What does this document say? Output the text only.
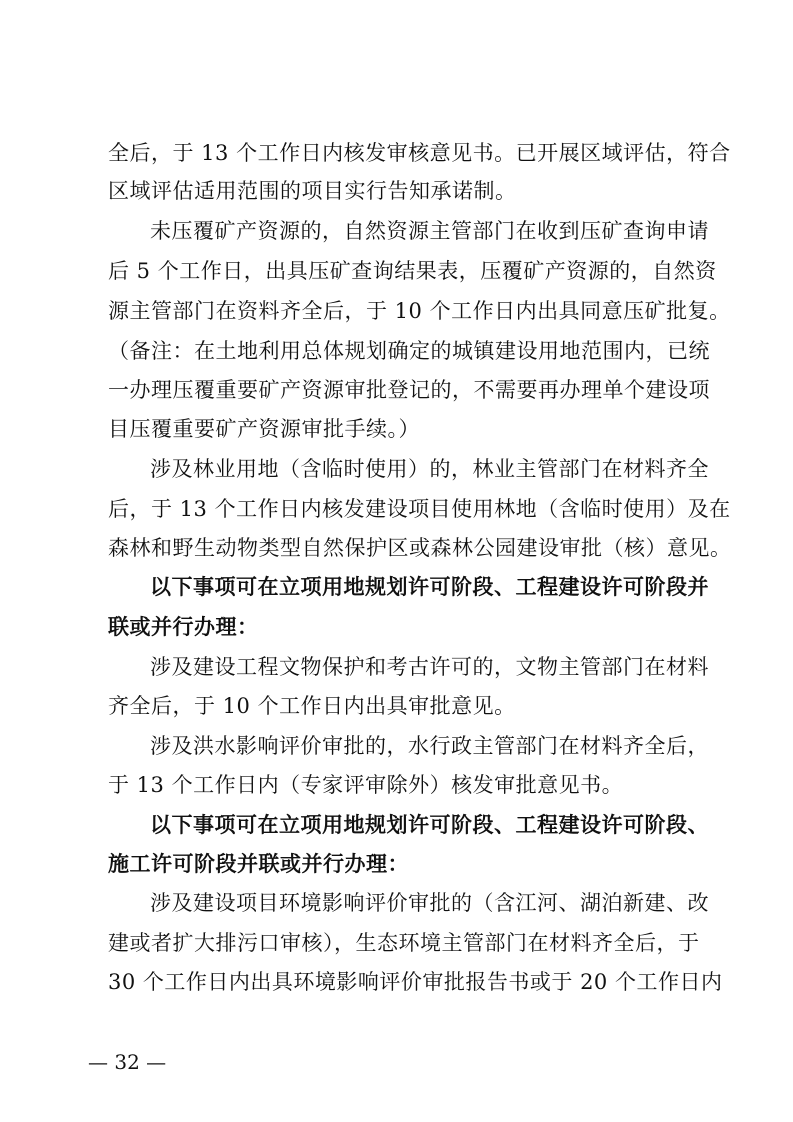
全后，于 13 个工作日内核发审核意见书。已开展区域评估，符合
区域评估适用范围的项目实行告知承诺制。
未压覆矿产资源的，自然资源主管部门在收到压矿查询申请
后 5 个工作日，出具压矿查询结果表，压覆矿产资源的，自然资
源主管部门在资料齐全后，于 10 个工作日内出具同意压矿批复。
（备注：在土地利用总体规划确定的城镇建设用地范围内，已统
一办理压覆重要矿产资源审批登记的，不需要再办理单个建设项
目压覆重要矿产资源审批手续。）
涉及林业用地（含临时使用）的，林业主管部门在材料齐全
后，于 13 个工作日内核发建设项目使用林地（含临时使用）及在
森林和野生动物类型自然保护区或森林公园建设审批（核）意见。
以下事项可在立项用地规划许可阶段、工程建设许可阶段并
联或并行办理：
涉及建设工程文物保护和考古许可的，文物主管部门在材料
齐全后，于 10 个工作日内出具审批意见。
涉及洪水影响评价审批的，水行政主管部门在材料齐全后，
于 13 个工作日内（专家评审除外）核发审批意见书。
以下事项可在立项用地规划许可阶段、工程建设许可阶段、
施工许可阶段并联或并行办理：
涉及建设项目环境影响评价审批的（含江河、湖泊新建、改
建或者扩大排污口审核），生态环境主管部门在材料齐全后，于
30 个工作日内出具环境影响评价审批报告书或于 20 个工作日内
— 32 —
